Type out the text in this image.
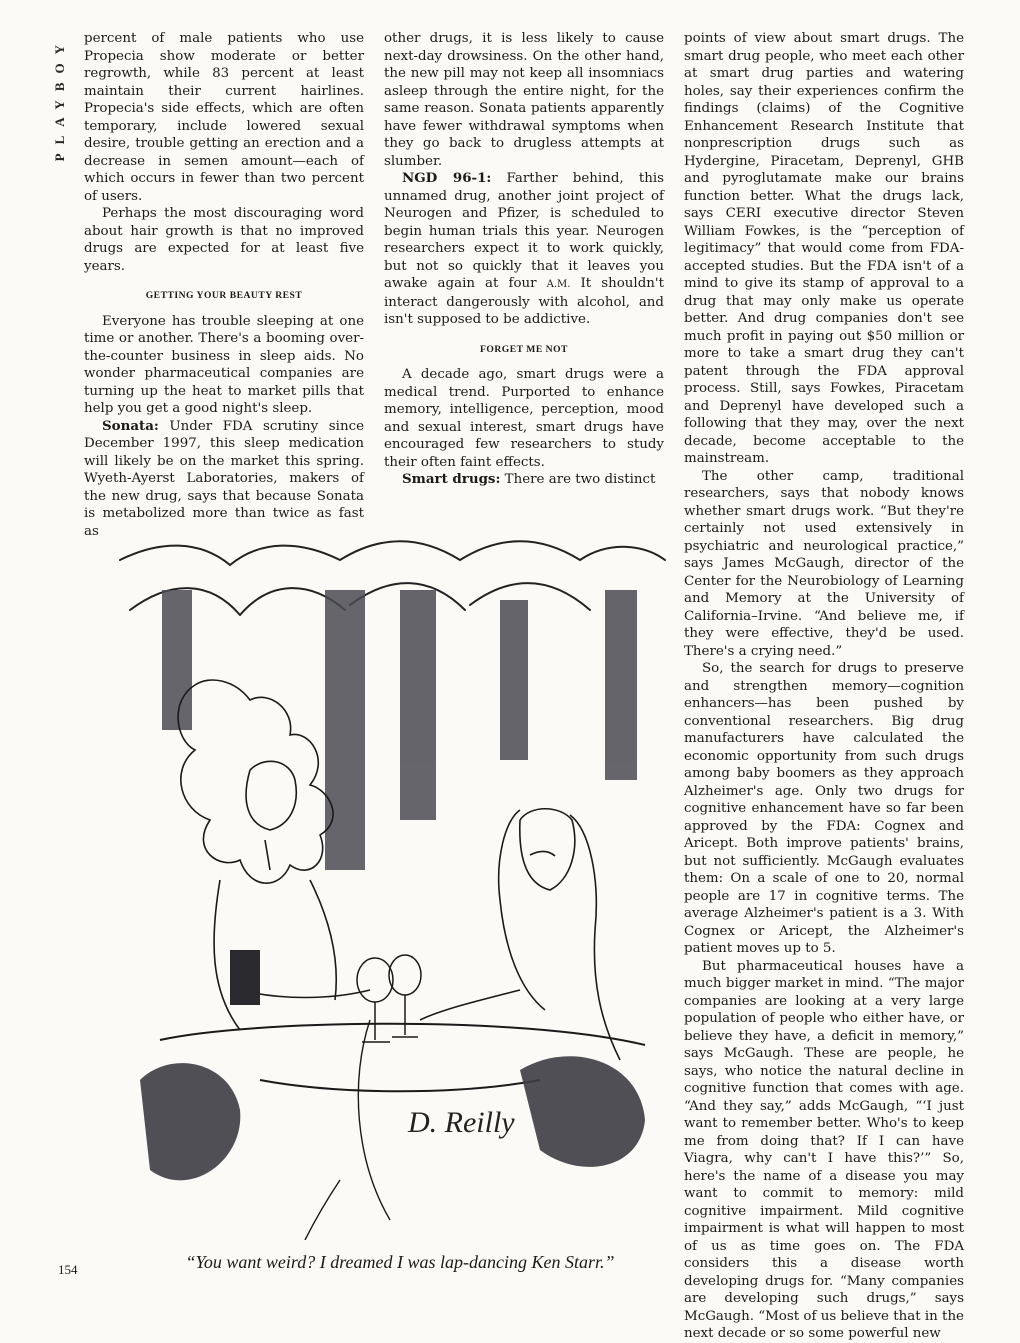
PLAYBOY percent of male patients who use Propecia show moderate or better regrowth, while 83 percent at least maintain their current hairlines. Propecia's side effects, which are often temporary, include lowered sexual desire, trouble getting an erection and a decrease in semen amount—each of which occurs in fewer than two percent of users.

Perhaps the most discouraging word about hair growth is that no improved drugs are expected for at least five years.

GETTING YOUR BEAUTY REST

Everyone has trouble sleeping at one time or another. There's a booming over-the-counter business in sleep aids. No wonder pharmaceutical companies are turning up the heat to market pills that help you get a good night's sleep.

Sonata: Under FDA scrutiny since December 1997, this sleep medication will likely be on the market this spring. Wyeth-Ayerst Laboratories, makers of the new drug, says that because Sonata is metabolized more than twice as fast as

other drugs, it is less likely to cause next-day drowsiness. On the other hand, the new pill may not keep all insomniacs asleep through the entire night, for the same reason. Sonata patients apparently have fewer withdrawal symptoms when they go back to drugless attempts at slumber.

NGD 96-1: Farther behind, this unnamed drug, another joint project of Neurogen and Pfizer, is scheduled to begin human trials this year. Neurogen researchers expect it to work quickly, but not so quickly that it leaves you awake again at four A.M. It shouldn't interact dangerously with alcohol, and isn't supposed to be addictive.

FORGET ME NOT

A decade ago, smart drugs were a medical trend. Purported to enhance memory, intelligence, perception, mood and sexual interest, smart drugs have encouraged few researchers to study their often faint effects.

Smart drugs: There are two distinct

points of view about smart drugs. The smart drug people, who meet each other at smart drug parties and watering holes, say their experiences confirm the findings (claims) of the Cognitive Enhancement Research Institute that nonprescription drugs such as Hydergine, Piracetam, Deprenyl, GHB and pyroglutamate make our brains function better. What the drugs lack, says CERI executive director Steven William Fowkes, is the “perception of legitimacy” that would come from FDA-accepted studies. But the FDA isn't of a mind to give its stamp of approval to a drug that may only make us operate better. And drug companies don't see much profit in paying out $50 million or more to take a smart drug they can't patent through the FDA approval process. Still, says Fowkes, Piracetam and Deprenyl have developed such a following that they may, over the next decade, become acceptable to the mainstream.

The other camp, traditional researchers, says that nobody knows whether smart drugs work. “But they're certainly not used extensively in psychiatric and neurological practice,” says James McGaugh, director of the Center for the Neurobiology of Learning and Memory at the University of California–Irvine. “And believe me, if they were effective, they'd be used. There's a crying need.”

So, the search for drugs to preserve and strengthen memory—cognition enhancers—has been pushed by conventional researchers. Big drug manufacturers have calculated the economic opportunity from such drugs among baby boomers as they approach Alzheimer's age. Only two drugs for cognitive enhancement have so far been approved by the FDA: Cognex and Aricept. Both improve patients' brains, but not sufficiently. McGaugh evaluates them: On a scale of one to 20, normal people are 17 in cognitive terms. The average Alzheimer's patient is a 3. With Cognex or Aricept, the Alzheimer's patient moves up to 5.

But pharmaceutical houses have a much bigger market in mind. “The major companies are looking at a very large population of people who either have, or believe they have, a deficit in memory,” says McGaugh. These are people, he says, who notice the natural decline in cognitive function that comes with age. “And they say,” adds McGaugh, “‘I just want to remember better. Who's to keep me from doing that? If I can have Viagra, why can't I have this?’” So, here's the name of a disease you may want to commit to memory: mild cognitive impairment. Mild cognitive impairment is what will happen to most of us as time goes on. The FDA considers this a disease worth developing drugs for. “Many companies are developing such drugs,” says McGaugh. “Most of us believe that in the next decade or so some powerful new

D. Reilly
154	“You want weird? I dreamed I was lap-dancing Ken Starr.”
